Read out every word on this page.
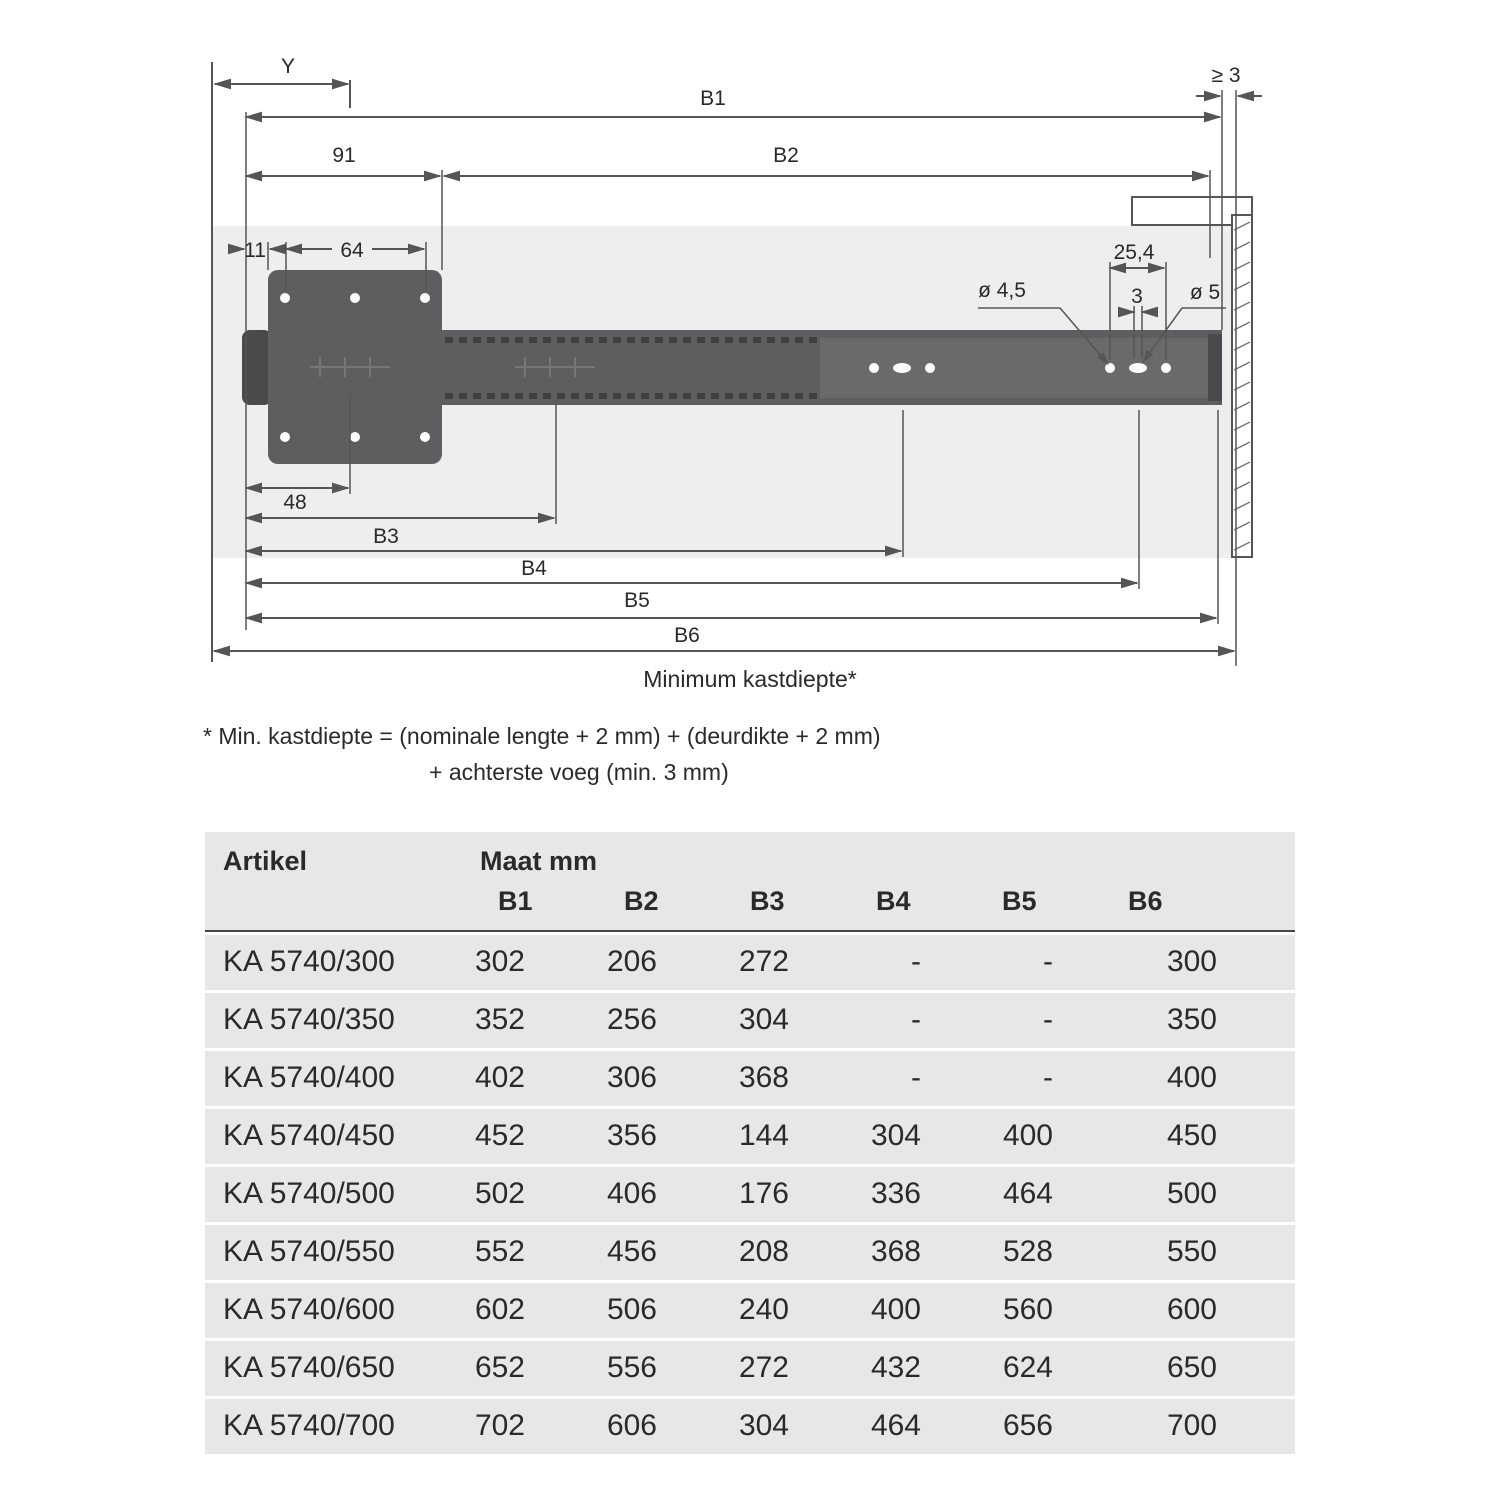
Y
B1
≥ 3
91	B2
11	64	25,4
3
ø 4,5	ø 5
48
B3
B4
B5
B6
Minimum kastdiepte*
* Min. kastdiepte = (nominale lengte + 2 mm) + (deurdikte + 2 mm)
+ achterste voeg (min. 3 mm)
Artikel	Maat mm
B1	B2	B3	B4	B5	B6
KA 5740/300	302	206	272	-	-	300
KA 5740/350	352	256	304	-	-	350
KA 5740/400	402	306	368	-	-	400
KA 5740/450	452	356	144	304	400	450
KA 5740/500	502	406	176	336	464	500
KA 5740/550	552	456	208	368	528	550
KA 5740/600	602	506	240	400	560	600
KA 5740/650	652	556	272	432	624	650
KA 5740/700	702	606	304	464	656	700
